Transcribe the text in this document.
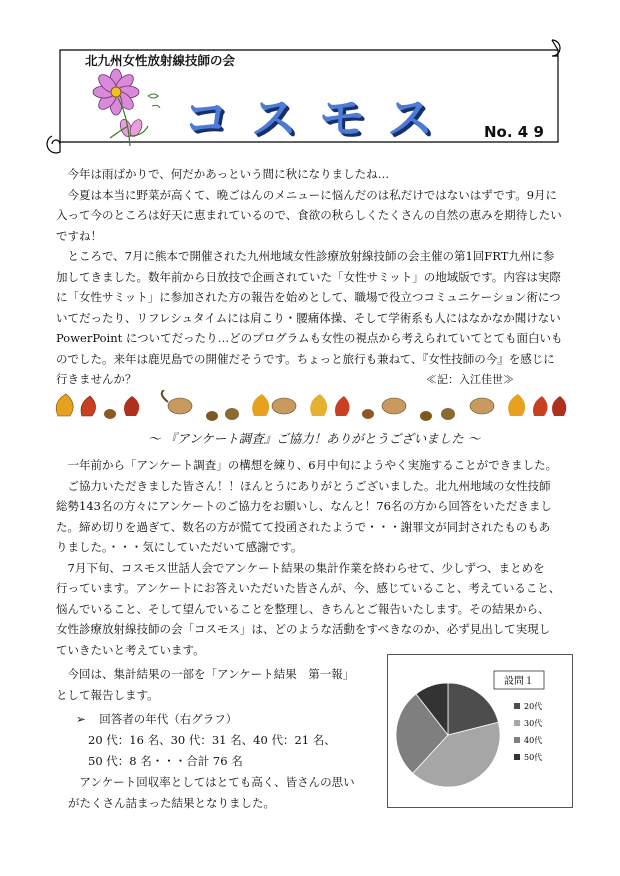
北九州女性放射線技師の会
コスモス No. 4 9

今年は雨ばかりで、何だかあっという間に秋になりましたね…

今夏は本当に野菜が高くて、晩ごはんのメニューに悩んだのは私だけではないはずです。9月に

入って今のところは好天に恵まれているので、食欲の秋らしくたくさんの自然の恵みを期待したい

ですね！

ところで、7月に熊本で開催された九州地域女性診療放射線技師の会主催の第1回FRT九州に参

加してきました。数年前から日放技で企画されていた「女性サミット」の地域版です。内容は実際

に「女性サミット」に参加された方の報告を始めとして、職場で役立つコミュニケーション術につ

いてだったり、リフレシュタイムには肩こり・腰痛体操、そして学術系も人にはなかなか聞けない

PowerPoint についてだったり…どのプログラムも女性の視点から考えられていてとても面白いも

のでした。来年は鹿児島での開催だそうです。ちょっと旅行も兼ねて、『女性技師の今』を感じに

行きませんか？	≪記：入江佳世≫
～ 『アンケート調査』ご協力！ありがとうございました ～

一年前から「アンケート調査」の構想を練り、6月中旬にようやく実施することができました。

ご協力いただきました皆さん！！ほんとうにありがとうございました。北九州地域の女性技師

総勢143名の方々にアンケートのご協力をお願いし、なんと！76名の方から回答をいただきまし

た。締め切りを過ぎて、数名の方が慌てて投函されたようで・・・謝罪文が同封されたものもあ

りました。・・・気にしていただいて感謝です。

7月下旬、コスモス世話人会でアンケート結果の集計作業を終わらせて、少しずつ、まとめを

行っています。アンケートにお答えいただいた皆さんが、今、感じていること、考えていること、

悩んでいること、そして望んでいることを整理し、きちんとご報告いたします。その結果から、

女性診療放射線技師の会「コスモス」は、どのような活動をすべきなのか、必ず見出して実現し

ていきたいと考えています。

今回は、集計結果の一部を「アンケート結果　第一報」

として報告します。

➢ 回答者の年代（右グラフ）

20 代：16 名、30 代：31 名、40 代：21 名、

50 代：8 名・・・合計 76 名

アンケート回収率としてはとても高く、皆さんの思い

がたくさん詰まった結果となりました。

設問１
20代
30代
40代
50代
